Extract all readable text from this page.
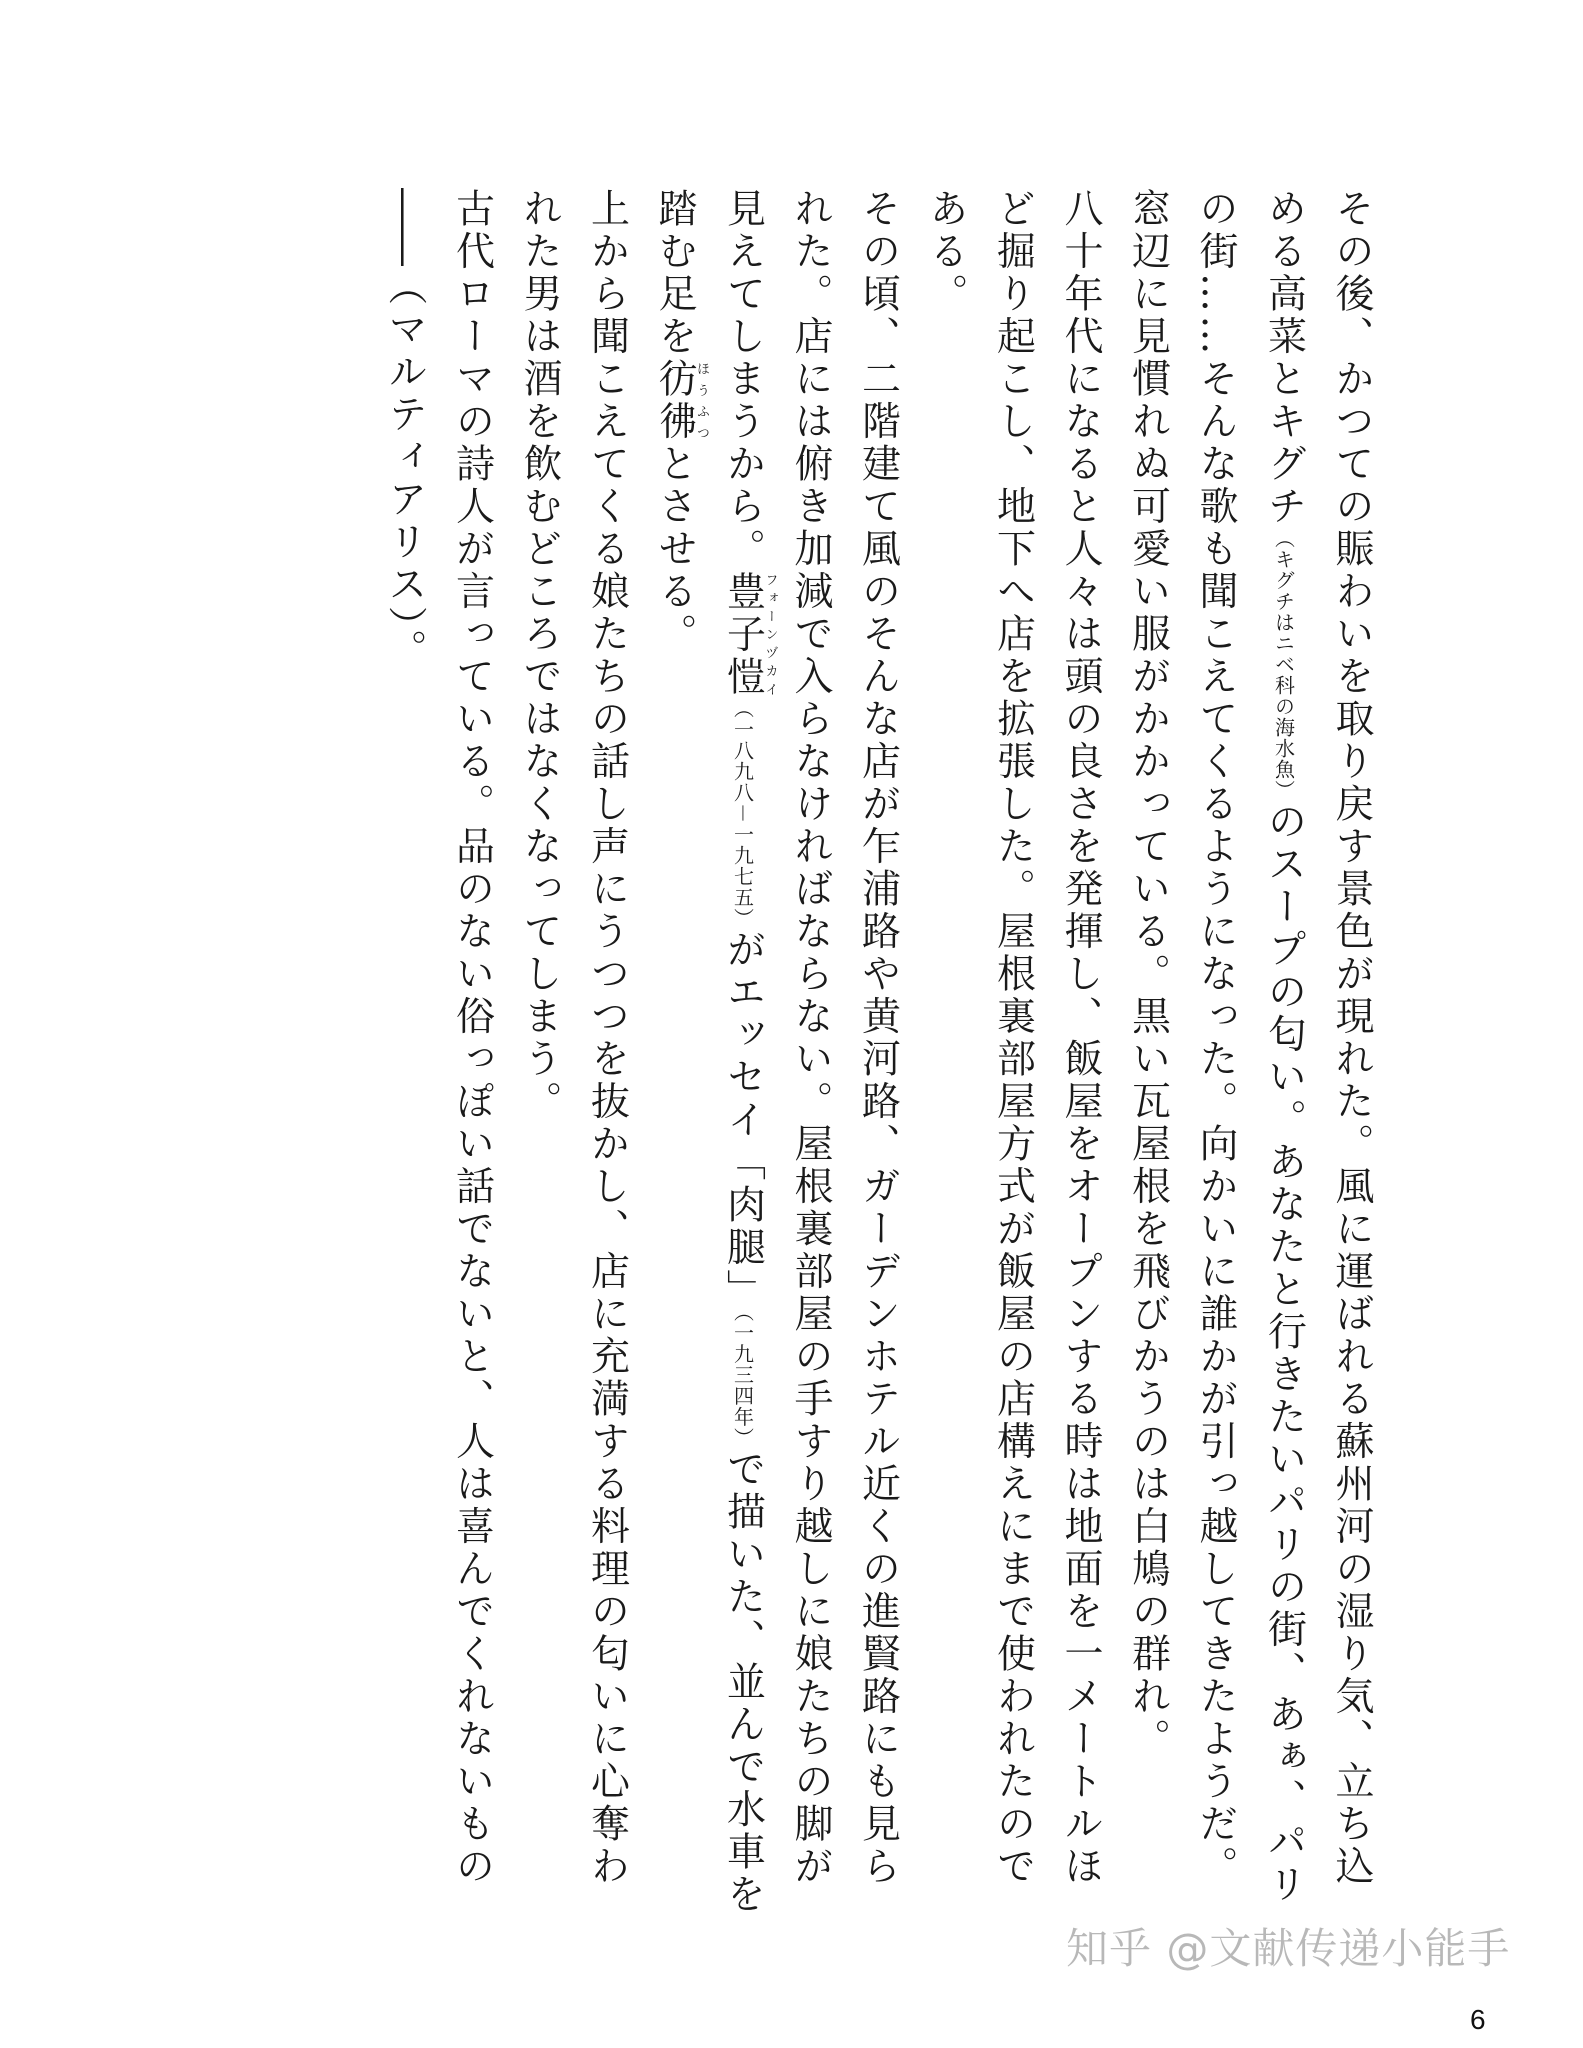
その後、かつての賑わいを取り戻す景色が現れた。風に運ばれる蘇州河の湿り気、立ち込める高菜とキグチ（キグチはニベ科の海水魚）のスープの匂い。あなたと行きたいパリの街、あぁ、パリの街……そんな歌も聞こえてくるようになった。向かいに誰かが引っ越してきたようだ。窓辺に見慣れぬ可愛い服がかかっている。黒い瓦屋根を飛びかうのは白鳩の群れ。

八十年代になると人々は頭の良さを発揮し、飯屋をオープンする時は地面を一メートルほど掘り起こし、地下へ店を拡張した。屋根裏部屋方式が飯屋の店構えにまで使われたのである。

その頃、二階建て風のそんな店が乍浦路や黄河路、ガーデンホテル近くの進賢路にも見られた。店には俯き加減で入らなければならない。屋根裏部屋の手すり越しに娘たちの脚が見えてしまうから。豊子愷フォーンヅカイ（一八九八－一九七五）がエッセイ「肉腿」（一九三四年）で描いた、並んで水車を踏む足を彷彿ほうふつとさせる。

上から聞こえてくる娘たちの話し声にうつつを抜かし、店に充満する料理の匂いに心奪われた男は酒を飲むどころではなくなってしまう。

古代ローマの詩人が言っている。品のない俗っぽい話でないと、人は喜んでくれないもの――（マルティアリス）。

知乎 @文献传递小能手
6
